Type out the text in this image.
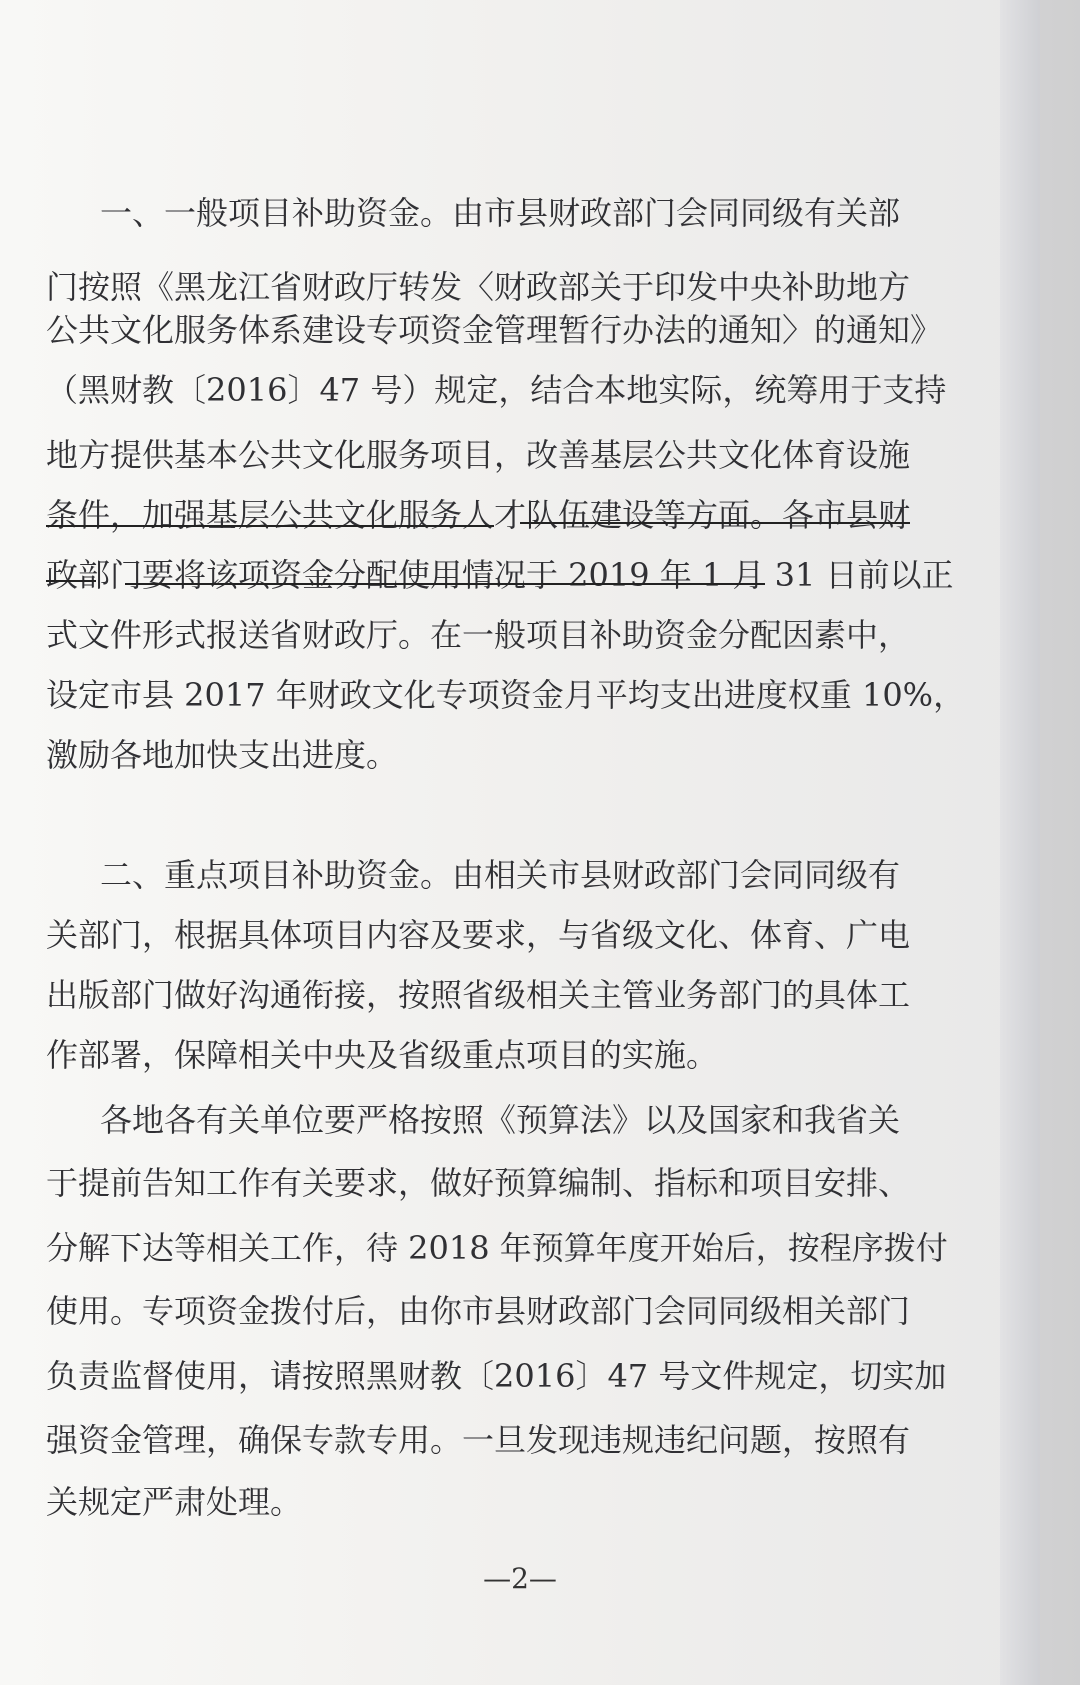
一、一般项目补助资金。由市县财政部门会同同级有关部
门按照《黑龙江省财政厅转发〈财政部关于印发中央补助地方
公共文化服务体系建设专项资金管理暂行办法的通知〉的通知》
（黑财教〔2016〕47 号）规定，结合本地实际，统筹用于支持
地方提供基本公共文化服务项目，改善基层公共文化体育设施
条件，加强基层公共文化服务人才队伍建设等方面。各市县财
政部门要将该项资金分配使用情况于 2019 年 1 月 31 日前以正
式文件形式报送省财政厅。在一般项目补助资金分配因素中，
设定市县 2017 年财政文化专项资金月平均支出进度权重 10%，
激励各地加快支出进度。
二、重点项目补助资金。由相关市县财政部门会同同级有
关部门，根据具体项目内容及要求，与省级文化、体育、广电
出版部门做好沟通衔接，按照省级相关主管业务部门的具体工
作部署，保障相关中央及省级重点项目的实施。
各地各有关单位要严格按照《预算法》以及国家和我省关
于提前告知工作有关要求，做好预算编制、指标和项目安排、
分解下达等相关工作，待 2018 年预算年度开始后，按程序拨付
使用。专项资金拨付后，由你市县财政部门会同同级相关部门
负责监督使用，请按照黑财教〔2016〕47 号文件规定，切实加
强资金管理，确保专款专用。一旦发现违规违纪问题，按照有
关规定严肃处理。
—2—
